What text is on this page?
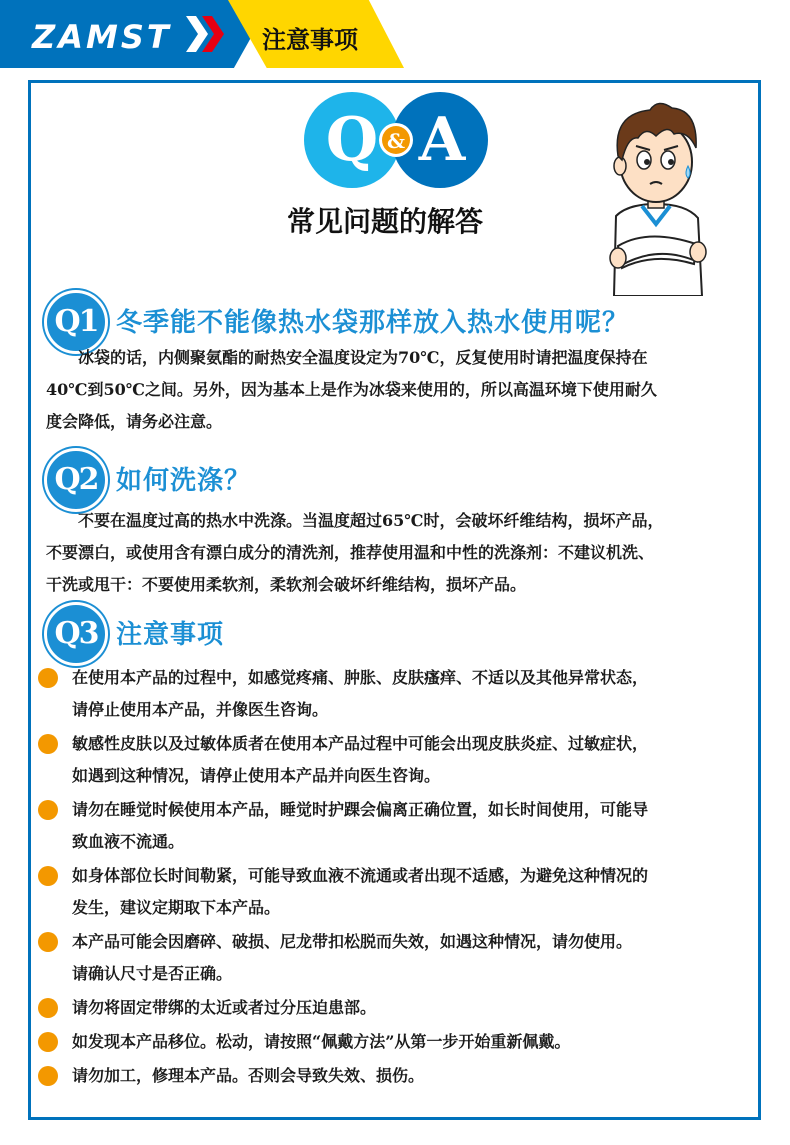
ZAMST	注意事项
Q & A
常见问题的解答
Q1 冬季能不能像热水袋那样放入热水使用呢？
冰袋的话，内侧聚氨酯的耐热安全温度设定为70℃，反复使用时请把温度保持在
40℃到50℃之间。另外，因为基本上是作为冰袋来使用的，所以高温环境下使用耐久
度会降低，请务必注意。
Q2 如何洗涤？
不要在温度过高的热水中洗涤。当温度超过65℃时，会破坏纤维结构，损坏产品，
不要漂白，或使用含有漂白成分的清洗剂，推荐使用温和中性的洗涤剂：不建议机洗、
干洗或甩干：不要使用柔软剂，柔软剂会破坏纤维结构，损坏产品。
Q3 注意事项
在使用本产品的过程中，如感觉疼痛、肿胀、皮肤瘙痒、不适以及其他异常状态，
请停止使用本产品，并像医生咨询。
敏感性皮肤以及过敏体质者在使用本产品过程中可能会出现皮肤炎症、过敏症状，
如遇到这种情况，请停止使用本产品并向医生咨询。
请勿在睡觉时候使用本产品，睡觉时护踝会偏离正确位置，如长时间使用，可能导
致血液不流通。
如身体部位长时间勒紧，可能导致血液不流通或者出现不适感，为避免这种情况的
发生，建议定期取下本产品。
本产品可能会因磨碎、破损、尼龙带扣松脱而失效，如遇这种情况，请勿使用。
请确认尺寸是否正确。
请勿将固定带绑的太近或者过分压迫患部。
如发现本产品移位。松动，请按照“佩戴方法”从第一步开始重新佩戴。
请勿加工，修理本产品。否则会导致失效、损伤。
